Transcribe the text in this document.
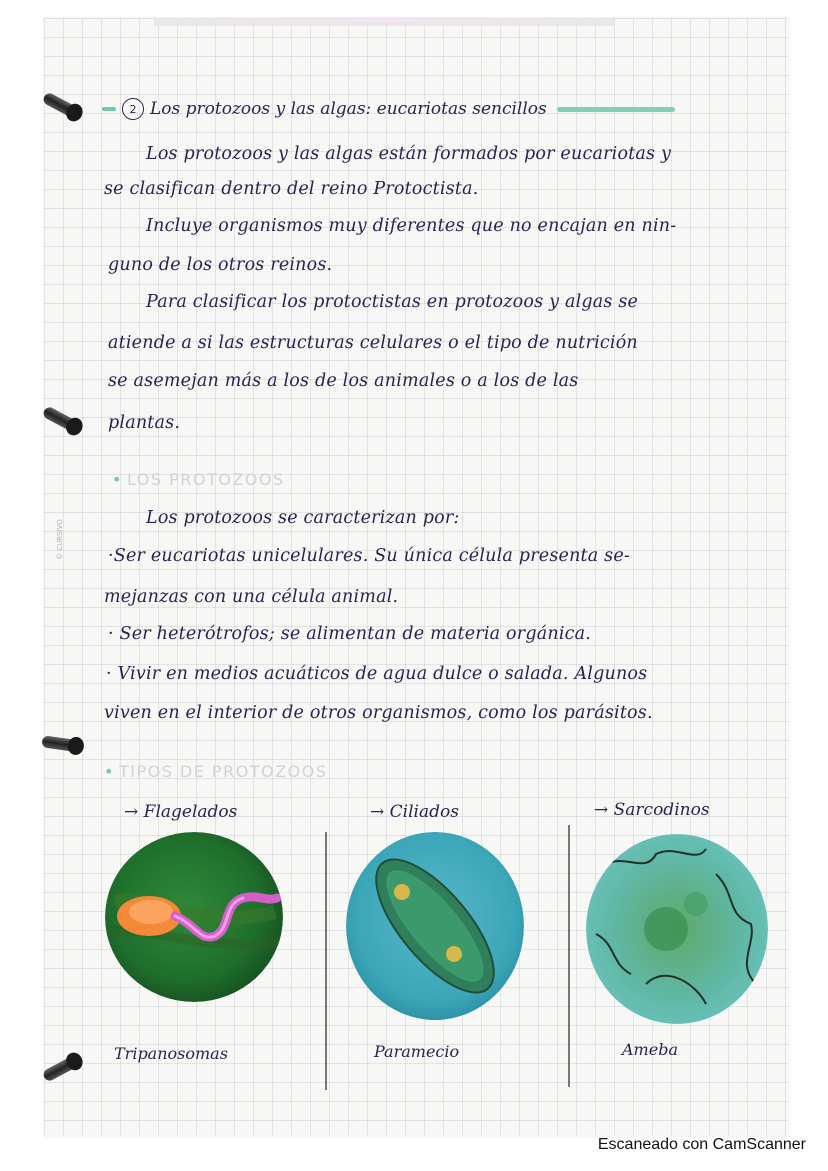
2 Los protozoos y las algas: eucariotas sencillos

Los protozoos y las algas están formados por eucariotas y

se clasifican dentro del reino Protoctista.

Incluye organismos muy diferentes que no encajan en nin-

guno de los otros reinos.

Para clasificar los protoctistas en protozoos y algas se

atiende a si las estructuras celulares o el tipo de nutrición

se asemejan más a los de los animales o a los de las

plantas.

• LOS PROTOZOOS

Los protozoos se caracterizan por:

·Ser eucariotas unicelulares. Su única célula presenta se-

mejanzas con una célula animal.

· Ser heterótrofos; se alimentan de materia orgánica.

· Vivir en medios acuáticos de agua dulce o salada. Algunos

viven en el interior de otros organismos, como los parásitos.

© CURSIVO
• TIPOS DE PROTOZOOS
→ Flagelados	→ Ciliados	→ Sarcodinos
Tripanosomas	Paramecio	Ameba
Escaneado con CamScanner
